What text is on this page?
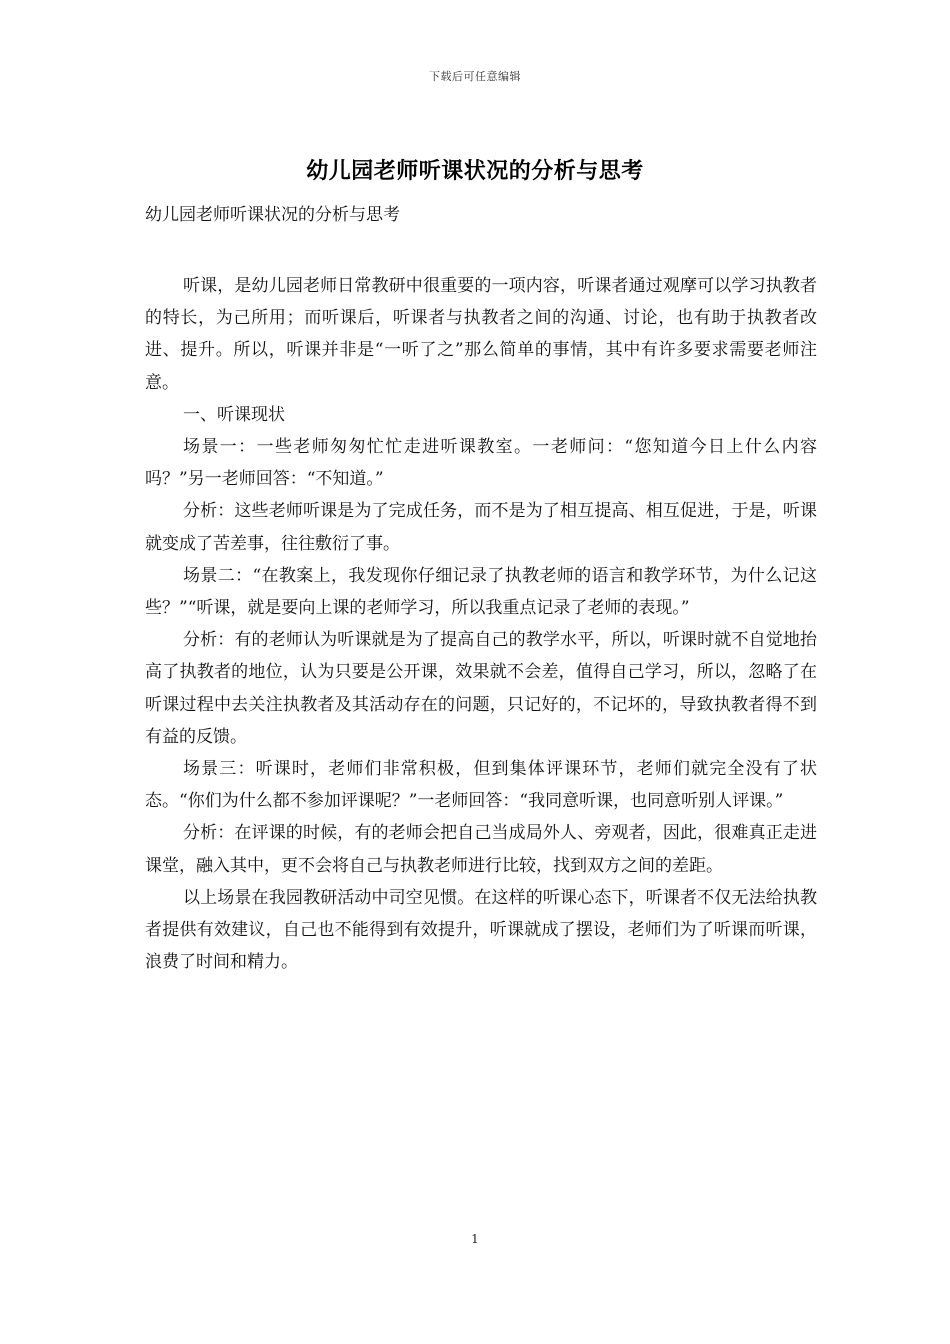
下载后可任意编辑
幼儿园老师听课状况的分析与思考
幼儿园老师听课状况的分析与思考

听课，是幼儿园老师日常教研中很重要的一项内容，听课者通过观摩可以学习执教者的特长，为己所用；而听课后，听课者与执教者之间的沟通、讨论，也有助于执教者改进、提升。所以，听课并非是“一听了之”那么简单的事情，其中有许多要求需要老师注意。

一、听课现状

场景一：一些老师匆匆忙忙走进听课教室。一老师问：“您知道今日上什么内容吗？”另一老师回答：“不知道。”

分析：这些老师听课是为了完成任务，而不是为了相互提高、相互促进，于是，听课就变成了苦差事，往往敷衍了事。

场景二：“在教案上，我发现你仔细记录了执教老师的语言和教学环节，为什么记这些？”“听课，就是要向上课的老师学习，所以我重点记录了老师的表现。”

分析：有的老师认为听课就是为了提高自己的教学水平，所以，听课时就不自觉地抬高了执教者的地位，认为只要是公开课，效果就不会差，值得自己学习，所以，忽略了在听课过程中去关注执教者及其活动存在的问题，只记好的，不记坏的，导致执教者得不到有益的反馈。

场景三：听课时，老师们非常积极，但到集体评课环节，老师们就完全没有了状态。“你们为什么都不参加评课呢？”一老师回答：“我同意听课，也同意听别人评课。”

分析：在评课的时候，有的老师会把自己当成局外人、旁观者，因此，很难真正走进课堂，融入其中，更不会将自己与执教老师进行比较，找到双方之间的差距。

以上场景在我园教研活动中司空见惯。在这样的听课心态下，听课者不仅无法给执教者提供有效建议，自己也不能得到有效提升，听课就成了摆设，老师们为了听课而听课，浪费了时间和精力。

1
